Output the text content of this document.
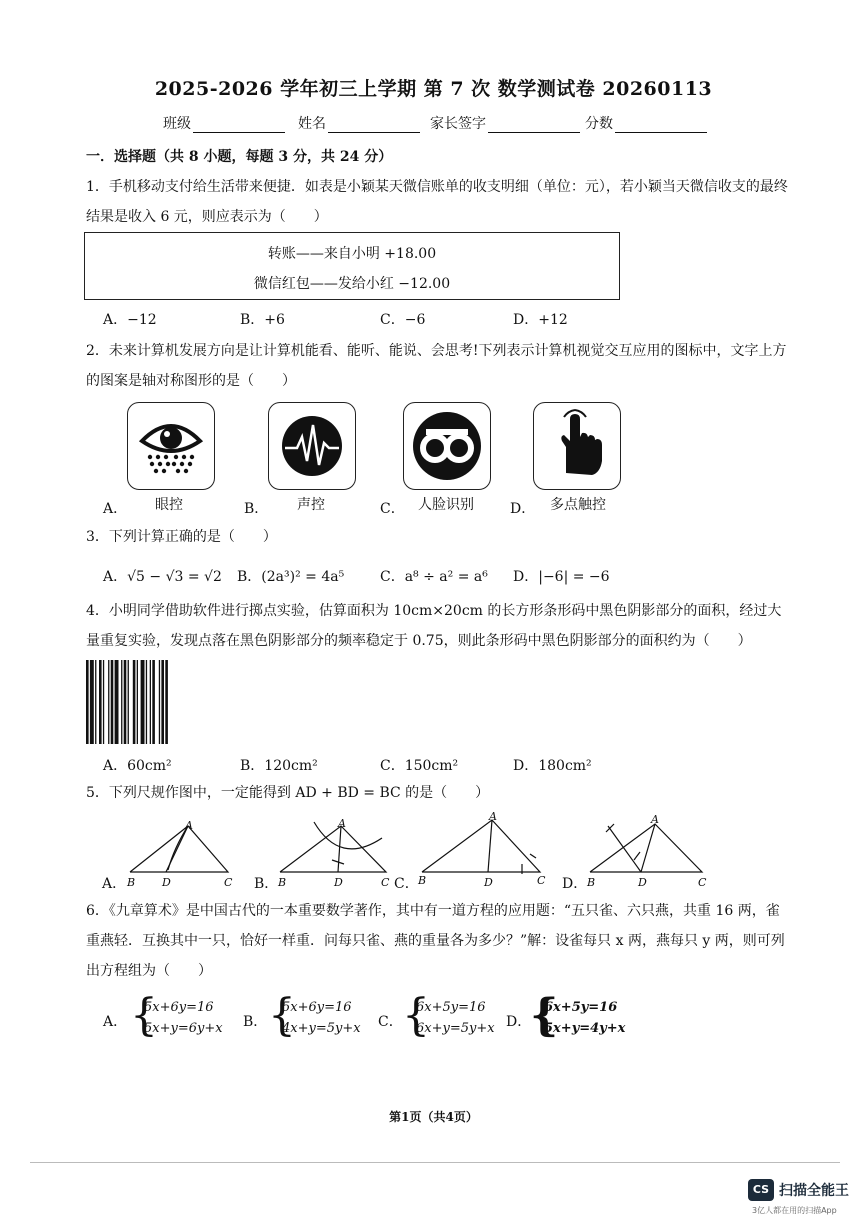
2025-2026 学年初三上学期 第 7 次 数学测试卷 20260113
班级	姓名	家长签字	分数
一．选择题（共 8 小题，每题 3 分，共 24 分）
1．手机移动支付给生活带来便捷．如表是小颖某天微信账单的收支明细（单位：元），若小颖当天微信收支的最终结果是收入 6 元，则应表示为（　　）
转账——来自小明 +18.00
微信红包——发给小红 −12.00
A．−12	B．+6	C．−6	D．+12
2．未来计算机发展方向是让计算机能看、能听、能说、会思考!下列表示计算机视觉交互应用的图标中，文字上方的图案是轴对称图形的是（　　）
A． 眼控	B． 声控	C． 人脸识别	D． 多点触控
3．下列计算正确的是（　　）
A．√5 − √3 = √2 B．(2a³)² = 4a⁵	C．a⁸ ÷ a² = a⁶ D．|−6| = −6
4．小明同学借助软件进行掷点实验，估算面积为 10cm×20cm 的长方形条形码中黑色阴影部分的面积，经过大量重复实验，发现点落在黑色阴影部分的频率稳定于 0.75，则此条形码中黑色阴影部分的面积约为（　　）
A．60cm²	B．120cm²	C．150cm²	D．180cm²
5．下列尺规作图中，一定能得到 AD + BD = BC 的是（　　）
A．	B．	C．	D．
A
B D	C
A
B	D	C
A
B	D	C
A
B	D	C
6．《九章算术》是中国古代的一本重要数学著作，其中有一道方程的应用题：“五只雀、六只燕，共重 16 两，雀重燕轻．互换其中一只，恰好一样重．问每只雀、燕的重量各为多少？”解：设雀每只 x 两，燕每只 y 两，则可列出方程组为（　　）
A． {
5x+6y=16
5x+y=6y+x B． {
5x+6y=16
4x+y=5y+x C． {
6x+5y=16
6x+y=5y+x D．
{
6x+5y=16
5x+y=4y+x
第1页（共4页）
CS 扫描全能王
3亿人都在用的扫描App
